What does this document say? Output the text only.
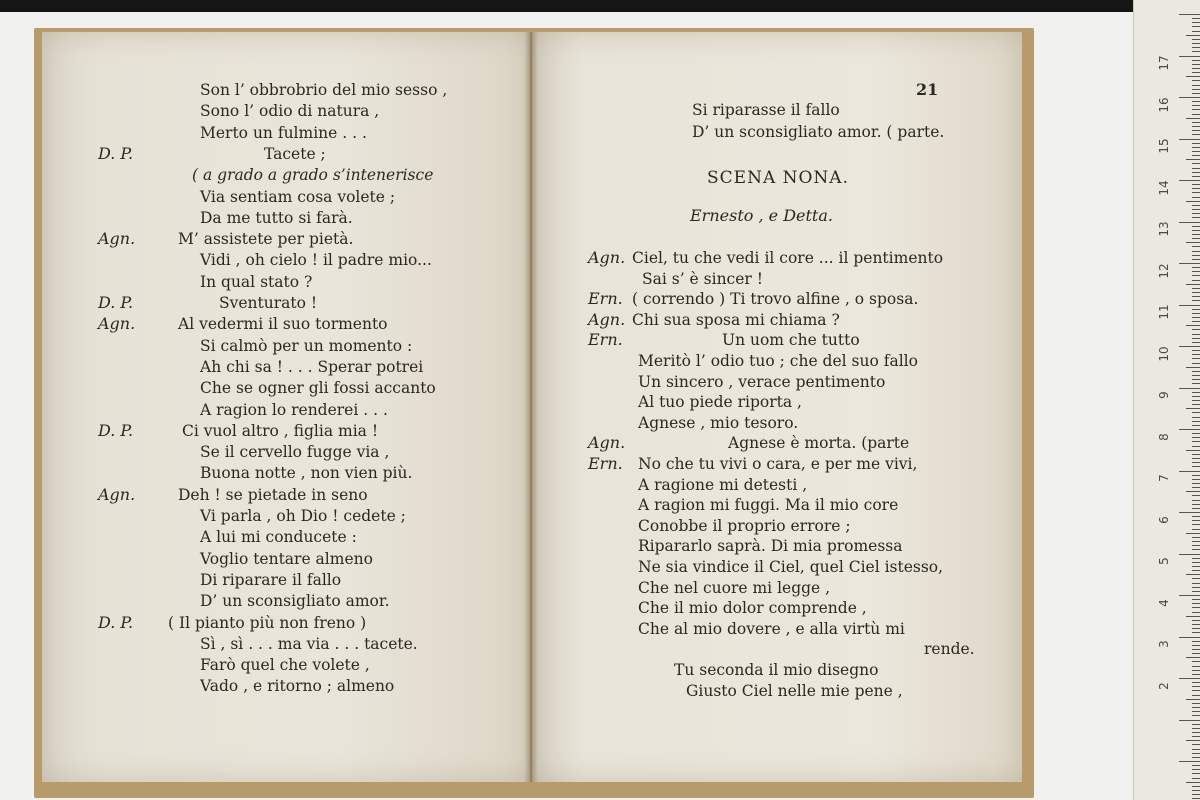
17
16
15
14
13
12
11
10
9
8
7
6
5
4
3
2
Son l’ obbrobrio del mio sesso ,
Sono l’ odio di natura ,
Merto un fulmine . . .
D. P.	Tacete ;
( a grado a grado s’intenerisce
Via sentiam cosa volete ;
Da me tutto si farà.
Agn.	M’ assistete per pietà.
Vidi , oh cielo ! il padre mio...
In qual stato ?
D. P.	Sventurato !
Agn.	Al vedermi il suo tormento
Si calmò per un momento :
Ah chi sa ! . . . Sperar potrei
Che se ogner gli fossi accanto
A ragion lo renderei . . .
D. P.	Ci vuol altro , figlia mia !
Se il cervello fugge via ,
Buona notte , non vien più.
Agn.	Deh ! se pietade in seno
Vi parla , oh Dio ! cedete ;
A lui mi conducete :
Voglio tentare almeno
Di riparare il fallo
D’ un sconsigliato amor.
D. P. ( Il pianto più non freno )
Sì , sì . . . ma via . . . tacete.
Farò quel che volete ,
Vado , e ritorno ; almeno
21
Si riparasse il fallo
D’ un sconsigliato amor. ( parte.
SCENA NONA.
Ernesto , e Detta.
Agn. Ciel, tu che vedi il core ... il pentimento
Sai s’ è sincer !
Ern. ( correndo ) Ti trovo alfine , o sposa.
Agn. Chi sua sposa mi chiama ?
Ern.	Un uom che tutto
Meritò l’ odio tuo ; che del suo fallo
Un sincero , verace pentimento
Al tuo piede riporta ,
Agnese , mio tesoro.
Agn.	Agnese è morta. (parte
Ern. No che tu vivi o cara, e per me vivi,
A ragione mi detesti ,
A ragion mi fuggi. Ma il mio core
Conobbe il proprio errore ;
Ripararlo saprà. Di mia promessa
Ne sia vindice il Ciel, quel Ciel istesso,
Che nel cuore mi legge ,
Che il mio dolor comprende ,
Che al mio dovere , e alla virtù mi
rende.
Tu seconda il mio disegno
Giusto Ciel nelle mie pene ,
